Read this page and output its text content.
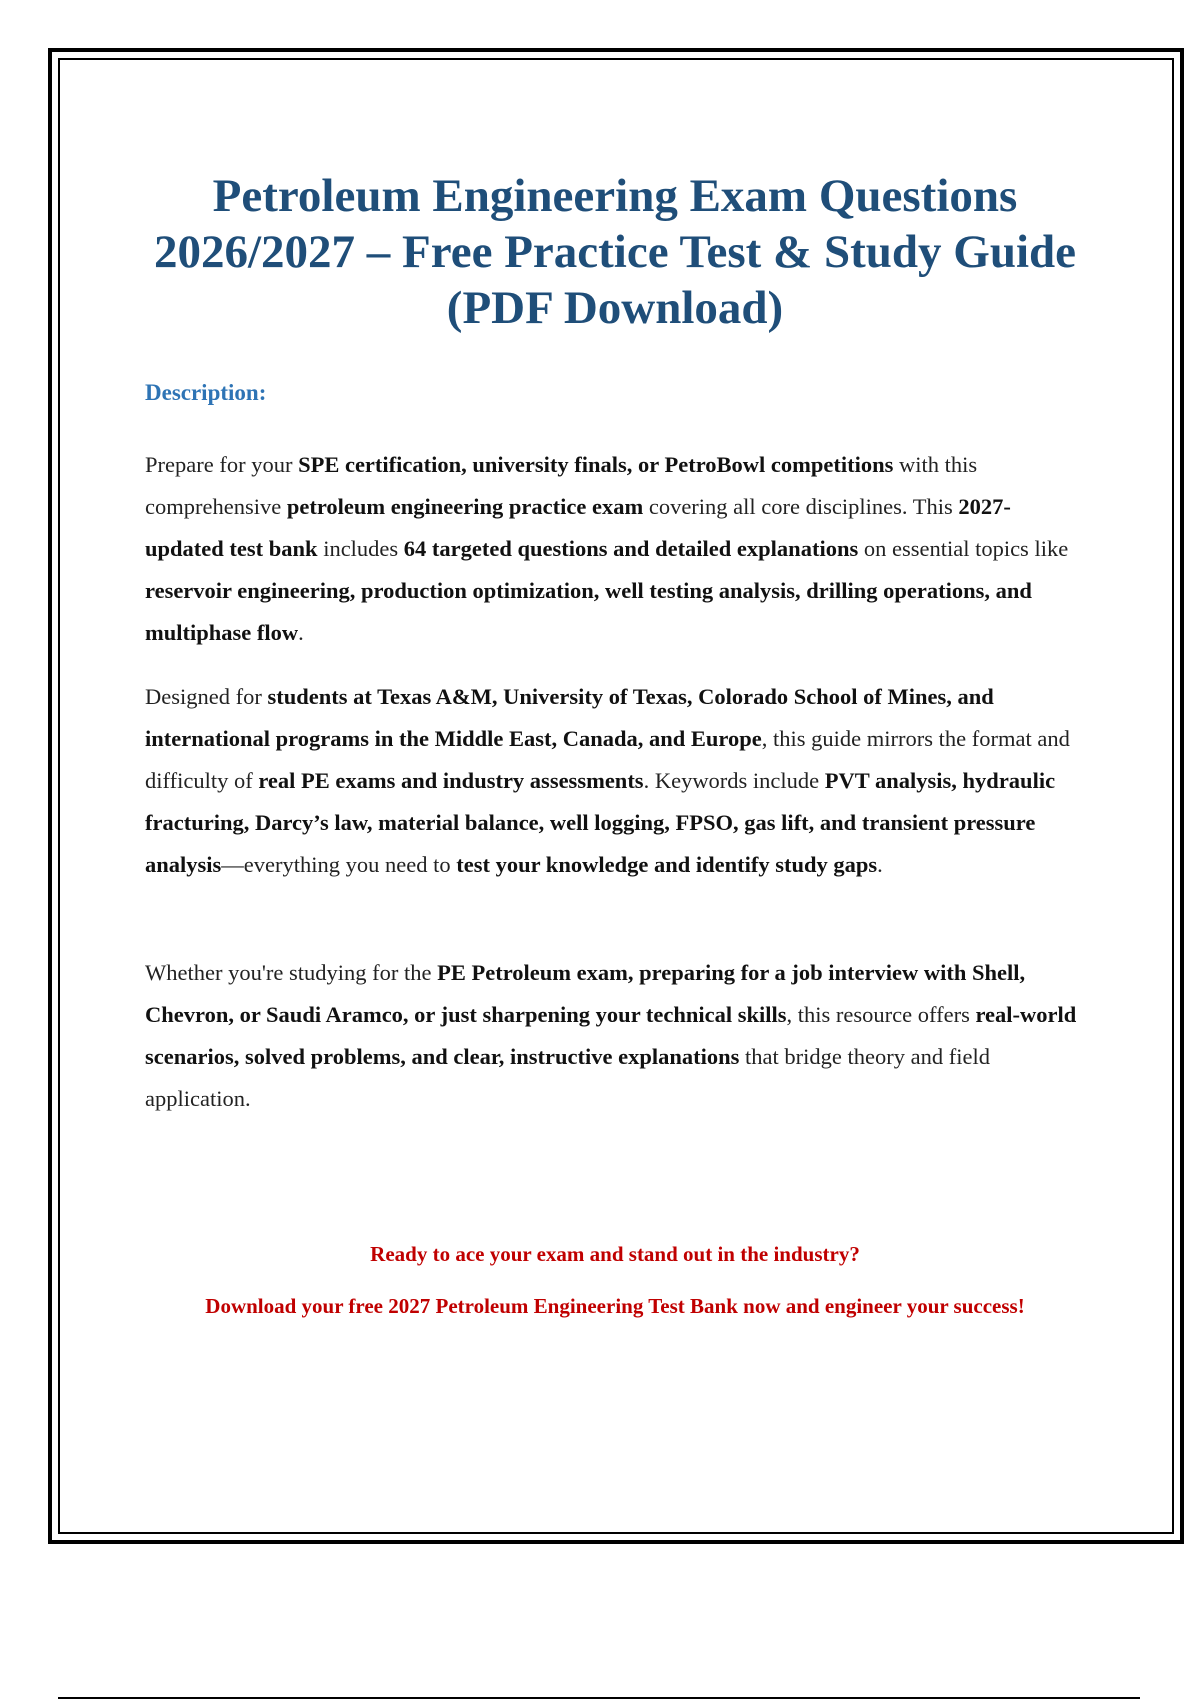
Petroleum Engineering Exam Questions 2026/2027 – Free Practice Test & Study Guide (PDF Download)

Description:

Prepare for your SPE certification, university finals, or PetroBowl competitions with this comprehensive petroleum engineering practice exam covering all core disciplines. This 2027-updated test bank includes 64 targeted questions and detailed explanations on essential topics like reservoir engineering, production optimization, well testing analysis, drilling operations, and multiphase flow.

Designed for students at Texas A&M, University of Texas, Colorado School of Mines, and international programs in the Middle East, Canada, and Europe, this guide mirrors the format and difficulty of real PE exams and industry assessments. Keywords include PVT analysis, hydraulic fracturing, Darcy’s law, material balance, well logging, FPSO, gas lift, and transient pressure analysis—everything you need to test your knowledge and identify study gaps.

Whether you're studying for the PE Petroleum exam, preparing for a job interview with Shell, Chevron, or Saudi Aramco, or just sharpening your technical skills, this resource offers real-world scenarios, solved problems, and clear, instructive explanations that bridge theory and field application.

Ready to ace your exam and stand out in the industry?

Download your free 2027 Petroleum Engineering Test Bank now and engineer your success!
